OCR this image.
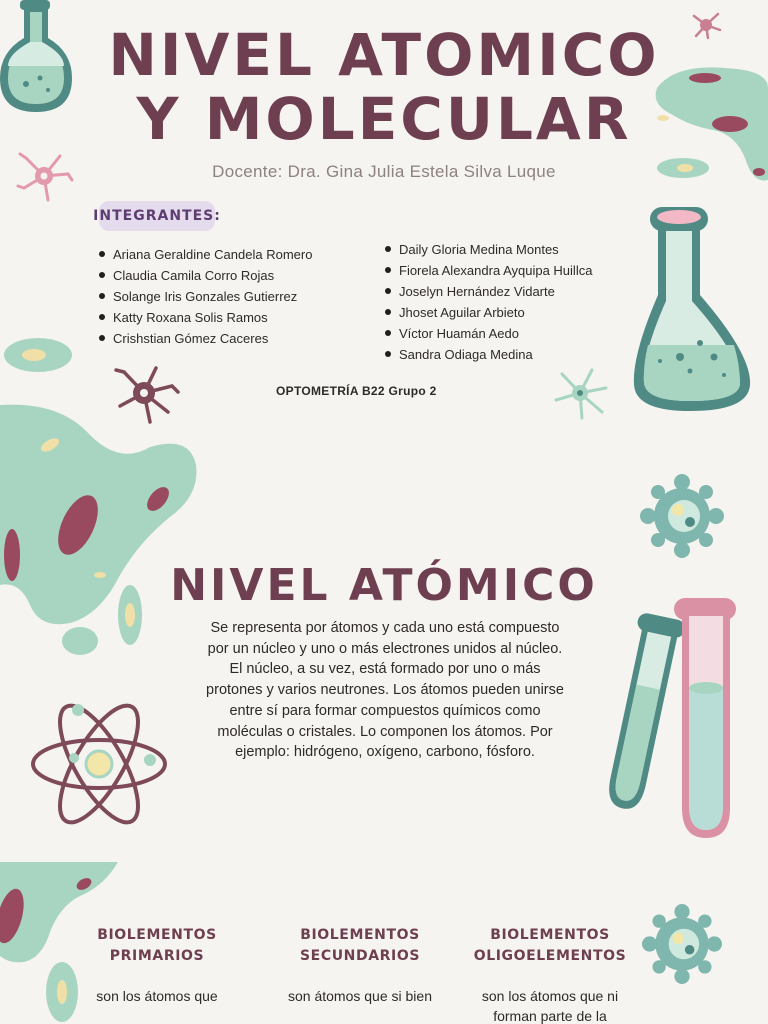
NIVEL ATOMICO
Y MOLECULAR
Docente: Dra. Gina Julia Estela Silva Luque
INTEGRANTES:
Ariana Geraldine Candela Romero
Claudia Camila Corro Rojas
Solange Iris Gonzales Gutierrez
Katty Roxana Solis Ramos
Crishstian Gómez Caceres
Daily Gloria Medina Montes
Fiorela Alexandra Ayquipa Huillca
Joselyn Hernández Vidarte
Jhoset Aguilar Arbieto
Víctor Huamán Aedo
Sandra Odiaga Medina
OPTOMETRÍA B22 Grupo 2
NIVEL ATÓMICO
Se representa por átomos y cada uno está compuesto por un núcleo y uno o más electrones unidos al núcleo. El núcleo, a su vez, está formado por uno o más protones y varios neutrones. Los átomos pueden unirse entre sí para formar compuestos químicos como moléculas o cristales. Lo componen los átomos. Por ejemplo: hidrógeno, oxígeno, carbono, fósforo.
BIOLEMENTOS
PRIMARIOS
BIOLEMENTOS
SECUNDARIOS
BIOLEMENTOS
OLIGOELEMENTOS
son los átomos que	son átomos que si bien	son los átomos que ni forman parte de la
